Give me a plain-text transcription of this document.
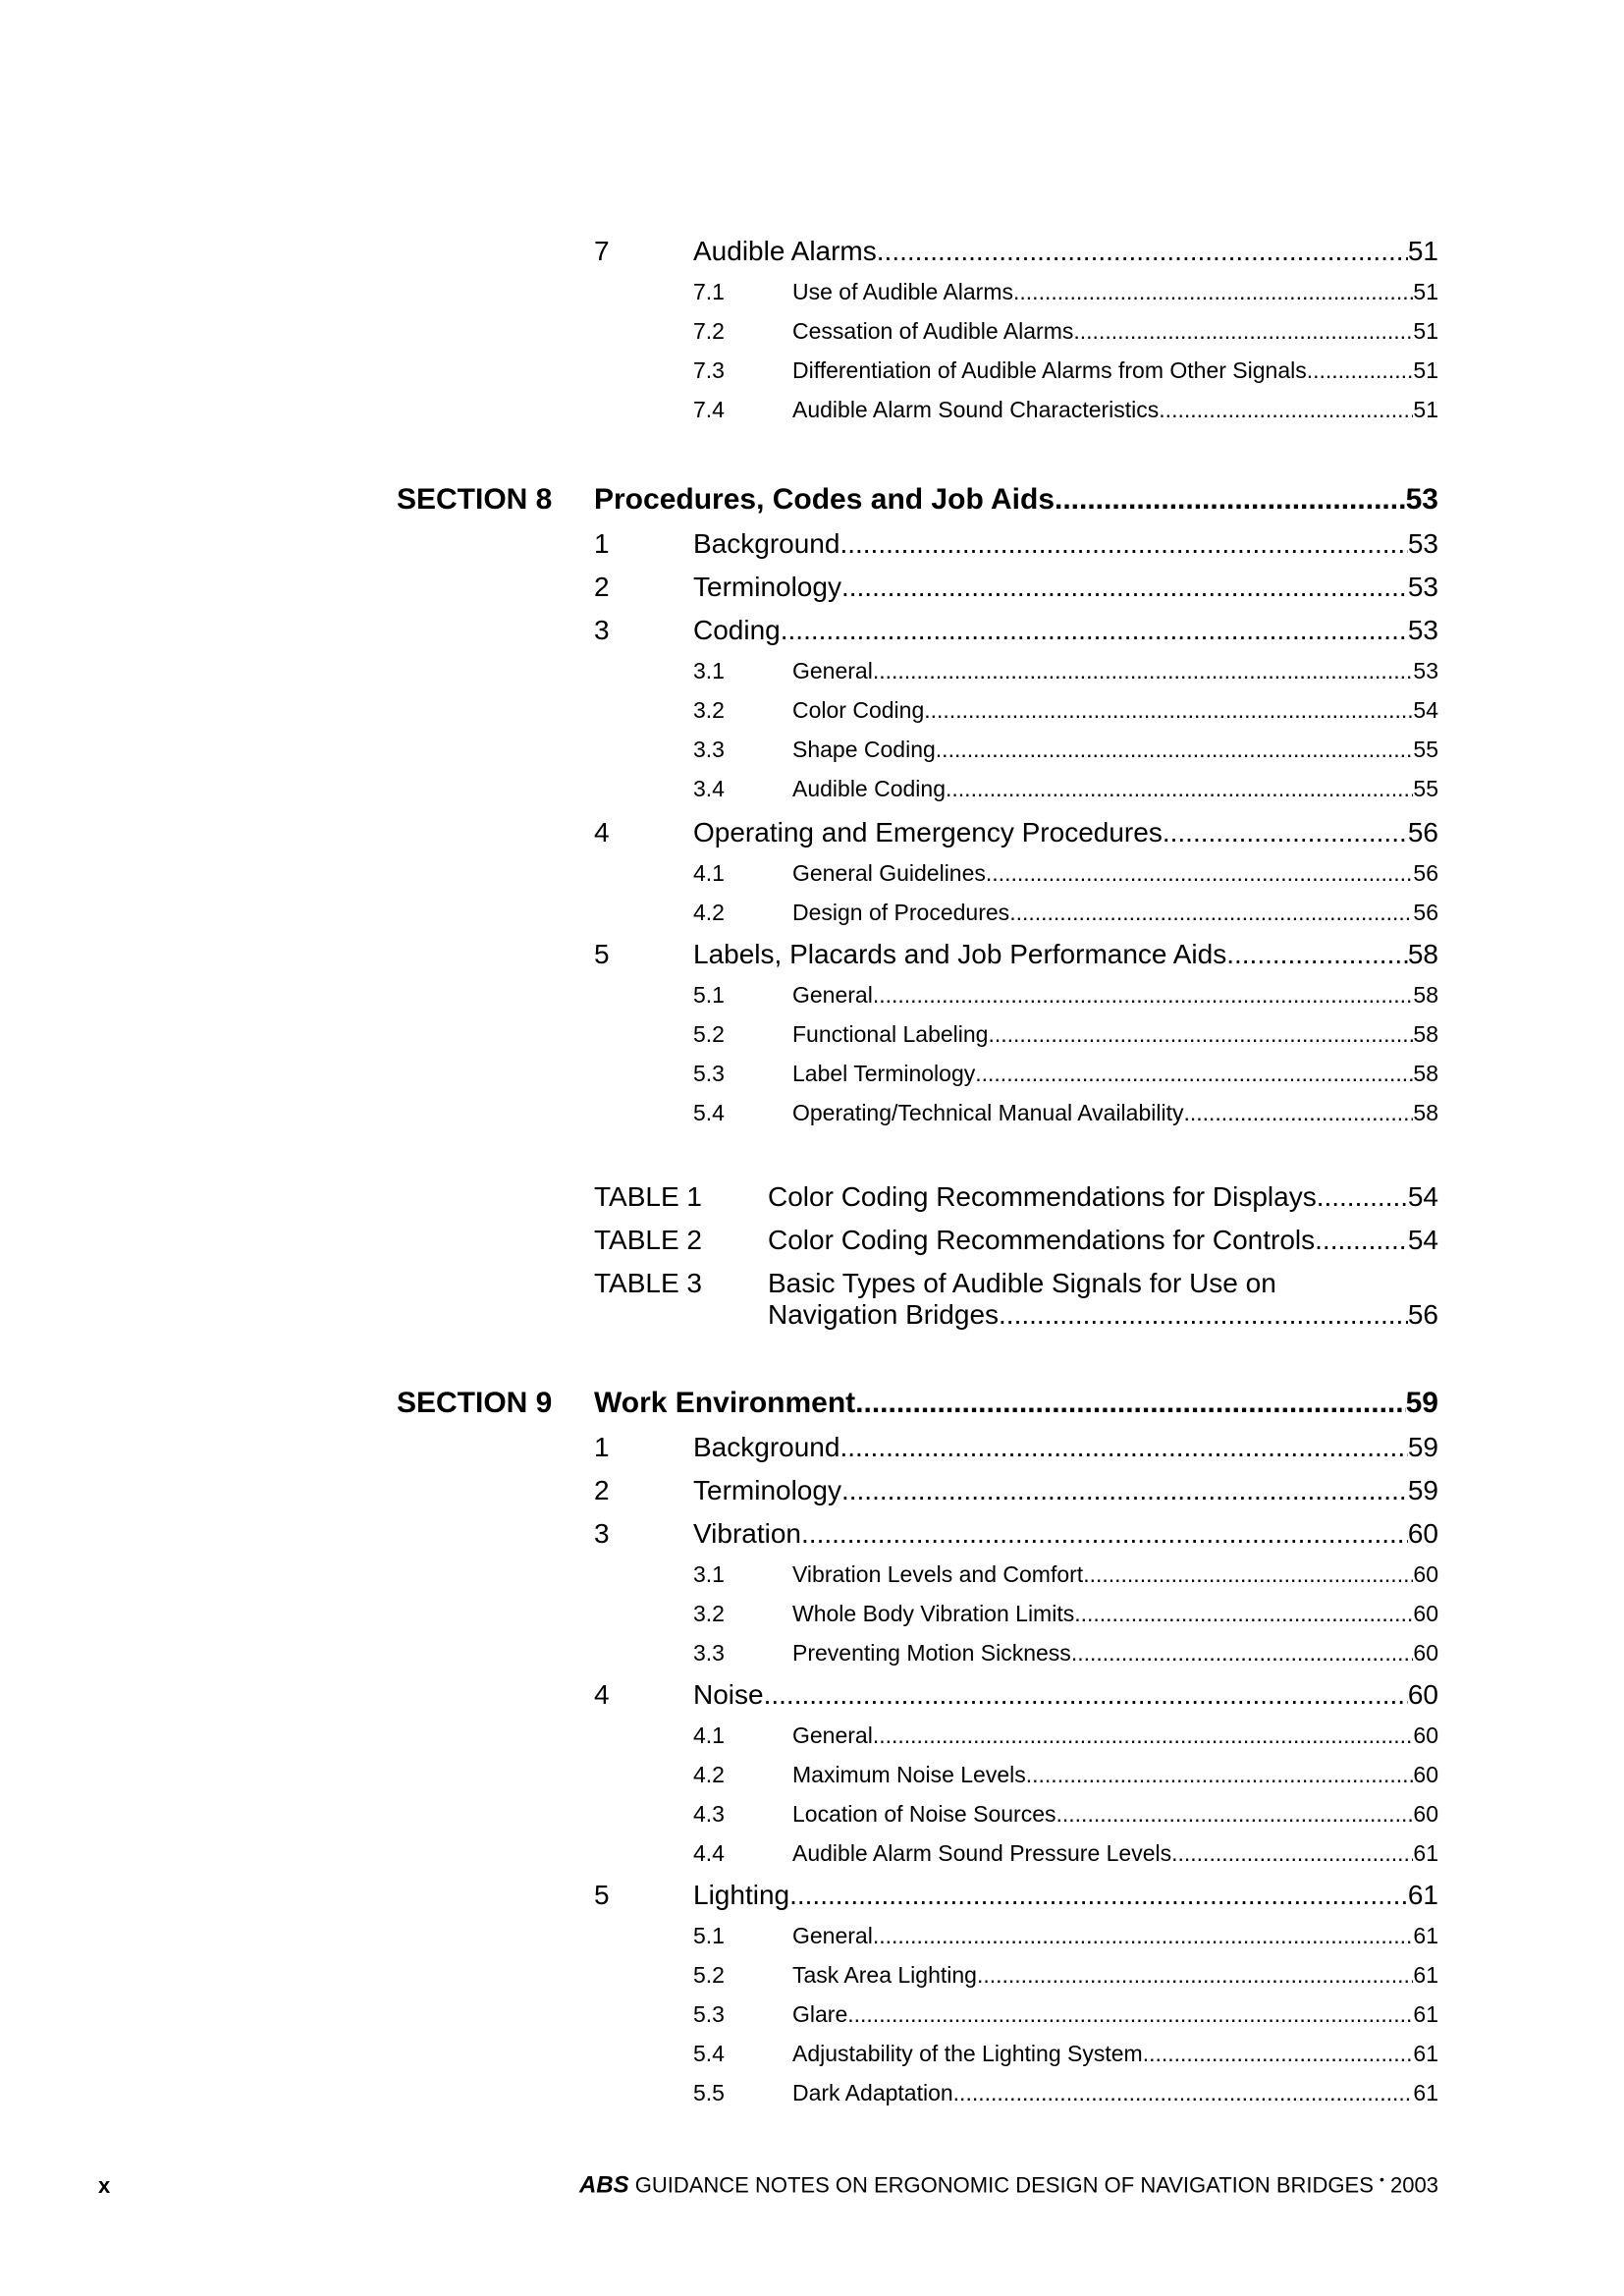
7	Audible Alarms .....	51
7.1	Use of Audible Alarms .....	51
7.2	Cessation of Audible Alarms .....	51
7.3	Differentiation of Audible Alarms from Other Signals .....	51
7.4	Audible Alarm Sound Characteristics .....	51
SECTION 8	Procedures, Codes and Job Aids .....	53
1	Background .....	53
2	Terminology .....	53
3	Coding .....	53
3.1	General .....	53
3.2	Color Coding .....	54
3.3	Shape Coding .....	55
3.4	Audible Coding .....	55
4	Operating and Emergency Procedures .....	56
4.1	General Guidelines .....	56
4.2	Design of Procedures .....	56
5	Labels, Placards and Job Performance Aids .....	58
5.1	General .....	58
5.2	Functional Labeling .....	58
5.3	Label Terminology .....	58
5.4	Operating/Technical Manual Availability .....	58
TABLE 1	Color Coding Recommendations for Displays .....	54
TABLE 2	Color Coding Recommendations for Controls .....	54
TABLE 3	Basic Types of Audible Signals for Use on
Navigation Bridges .....	56
SECTION 9	Work Environment .....	59
1	Background .....	59
2	Terminology .....	59
3	Vibration .....	60
3.1	Vibration Levels and Comfort .....	60
3.2	Whole Body Vibration Limits .....	60
3.3	Preventing Motion Sickness .....	60
4	Noise .....	60
4.1	General .....	60
4.2	Maximum Noise Levels .....	60
4.3	Location of Noise Sources .....	60
4.4	Audible Alarm Sound Pressure Levels .....	61
5	Lighting .....	61
5.1	General .....	61
5.2	Task Area Lighting .....	61
5.3	Glare .....	61
5.4	Adjustability of the Lighting System .....	61
5.5	Dark Adaptation .....	61
x	ABS GUIDANCE NOTES ON ERGONOMIC DESIGN OF NAVIGATION BRIDGES • 2003
